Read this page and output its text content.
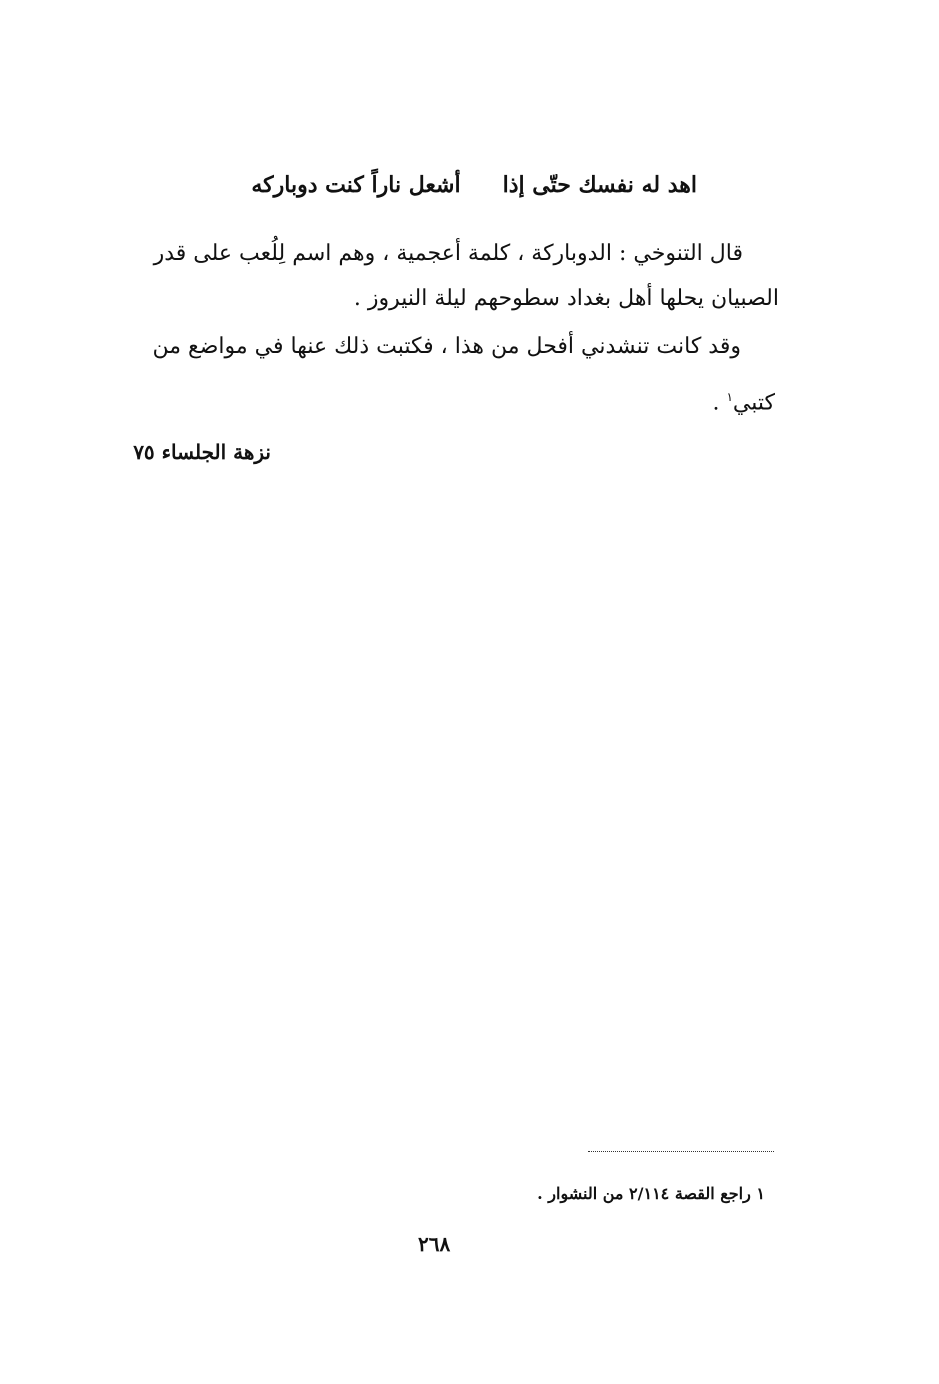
اهد له نفسك حتّى إذاأشعل ناراً كنت دوباركه
قال التنوخي : الدوباركة ، كلمة أعجمية ، وهم اسم لِلُعب على قدر
الصبيان يحلها أهل بغداد سطوحهم ليلة النيروز .
وقد كانت تنشدني أفحل من هذا ، فكتبت ذلك عنها في مواضع من
كتبي$^١$ .
نزهة الجلساء ٧٥
١ راجع القصة ٢/١١٤ من النشوار .
٢٦٨
